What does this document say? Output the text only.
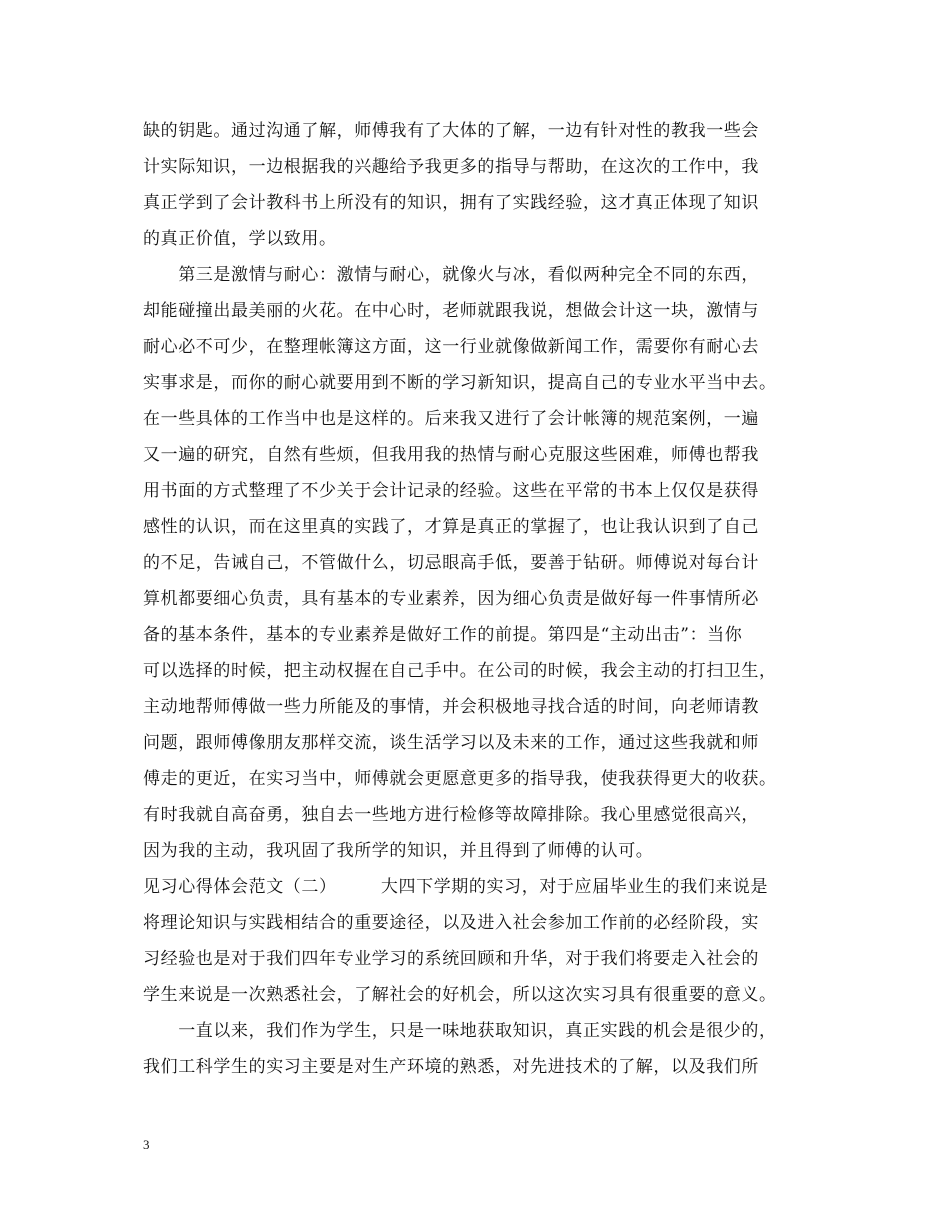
缺的钥匙。通过沟通了解，师傅我有了大体的了解，一边有针对性的教我一些会
计实际知识，一边根据我的兴趣给予我更多的指导与帮助，在这次的工作中，我
真正学到了会计教科书上所没有的知识，拥有了实践经验，这才真正体现了知识
的真正价值，学以致用。
　　第三是激情与耐心：激情与耐心，就像火与冰，看似两种完全不同的东西，
却能碰撞出最美丽的火花。在中心时，老师就跟我说，想做会计这一块，激情与
耐心必不可少，在整理帐簿这方面，这一行业就像做新闻工作，需要你有耐心去
实事求是，而你的耐心就要用到不断的学习新知识，提高自己的专业水平当中去。
在一些具体的工作当中也是这样的。后来我又进行了会计帐簿的规范案例，一遍
又一遍的研究，自然有些烦，但我用我的热情与耐心克服这些困难，师傅也帮我
用书面的方式整理了不少关于会计记录的经验。这些在平常的书本上仅仅是获得
感性的认识，而在这里真的实践了，才算是真正的掌握了，也让我认识到了自己
的不足，告诫自己，不管做什么，切忌眼高手低，要善于钻研。师傅说对每台计
算机都要细心负责，具有基本的专业素养，因为细心负责是做好每一件事情所必
备的基本条件，基本的专业素养是做好工作的前提。第四是“主动出击”：当你
可以选择的时候，把主动权握在自己手中。在公司的时候，我会主动的打扫卫生，
主动地帮师傅做一些力所能及的事情，并会积极地寻找合适的时间，向老师请教
问题，跟师傅像朋友那样交流，谈生活学习以及未来的工作，通过这些我就和师
傅走的更近，在实习当中，师傅就会更愿意更多的指导我，使我获得更大的收获。
有时我就自高奋勇，独自去一些地方进行检修等故障排除。我心里感觉很高兴，
因为我的主动，我巩固了我所学的知识，并且得到了师傅的认可。
见习心得体会范文（二）　　　大四下学期的实习，对于应届毕业生的我们来说是
将理论知识与实践相结合的重要途径，以及进入社会参加工作前的必经阶段，实
习经验也是对于我们四年专业学习的系统回顾和升华，对于我们将要走入社会的
学生来说是一次熟悉社会，了解社会的好机会，所以这次实习具有很重要的意义。
　　一直以来，我们作为学生，只是一味地获取知识，真正实践的机会是很少的，
我们工科学生的实习主要是对生产环境的熟悉，对先进技术的了解，以及我们所
3
